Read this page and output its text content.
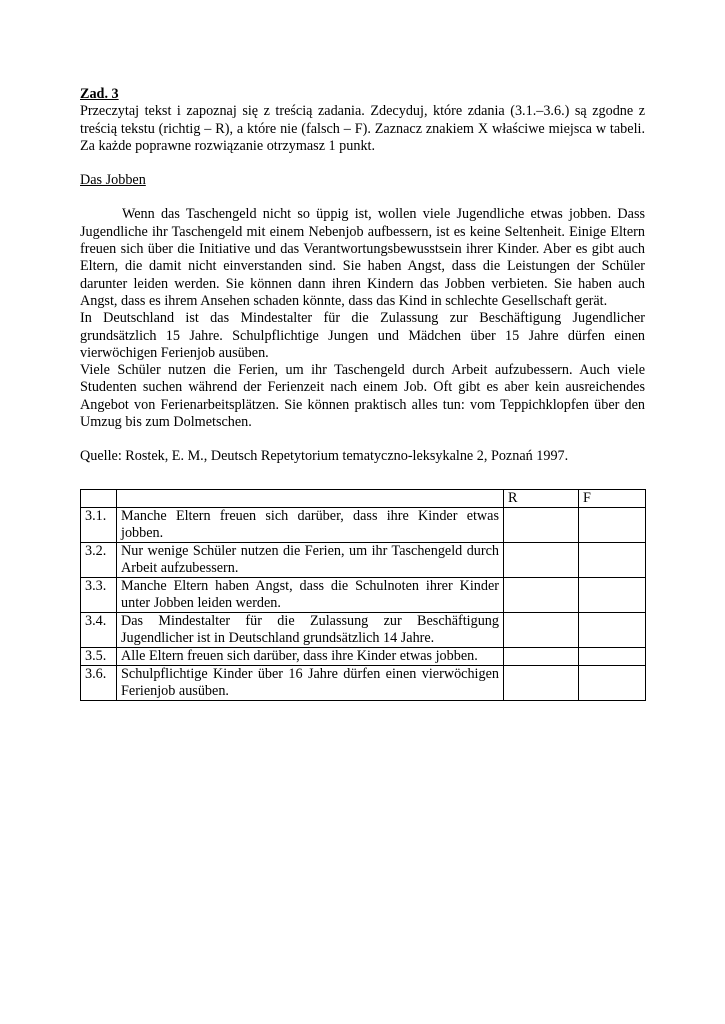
Zad. 3

Przeczytaj tekst i zapoznaj się z treścią zadania. Zdecyduj, które zdania (3.1.–3.6.) są zgodne z treścią tekstu (richtig – R), a które nie (falsch – F). Zaznacz znakiem X właściwe miejsca w tabeli. Za każde poprawne rozwiązanie otrzymasz 1 punkt.

Das Jobben

Wenn das Taschengeld nicht so üppig ist, wollen viele Jugendliche etwas jobben. Dass Jugendliche ihr Taschengeld mit einem Nebenjob aufbessern, ist es keine Seltenheit. Einige Eltern freuen sich über die Initiative und das Verantwortungsbewusstsein ihrer Kinder. Aber es gibt auch Eltern, die damit nicht einverstanden sind. Sie haben Angst, dass die Leistungen der Schüler darunter leiden werden. Sie können dann ihren Kindern das Jobben verbieten. Sie haben auch Angst, dass es ihrem Ansehen schaden könnte, dass das Kind in schlechte Gesellschaft gerät.

In Deutschland ist das Mindestalter für die Zulassung zur Beschäftigung Jugendlicher grundsätzlich 15 Jahre. Schulpflichtige Jungen und Mädchen über 15 Jahre dürfen einen vierwöchigen Ferienjob ausüben.

Viele Schüler nutzen die Ferien, um ihr Taschengeld durch Arbeit aufzubessern. Auch viele Studenten suchen während der Ferienzeit nach einem Job. Oft gibt es aber kein ausreichendes Angebot von Ferienarbeitsplätzen. Sie können praktisch alles tun: vom Teppichklopfen über den Umzug bis zum Dolmetschen.

Quelle: Rostek, E. M., Deutsch Repetytorium tematyczno-leksykalne 2, Poznań 1997.
		R	F
3.1.	Manche Eltern freuen sich darüber, dass ihre Kinder etwas jobben.		
3.2.	Nur wenige Schüler nutzen die Ferien, um ihr Taschengeld durch Arbeit aufzubessern.		
3.3.	Manche Eltern haben Angst, dass die Schulnoten ihrer Kinder unter Jobben leiden werden.		
3.4.	Das Mindestalter für die Zulassung zur Beschäftigung Jugendlicher ist in Deutschland grundsätzlich 14 Jahre.		
3.5.	Alle Eltern freuen sich darüber, dass ihre Kinder etwas jobben.		
3.6.	Schulpflichtige Kinder über 16 Jahre dürfen einen vierwöchigen Ferienjob ausüben.		
